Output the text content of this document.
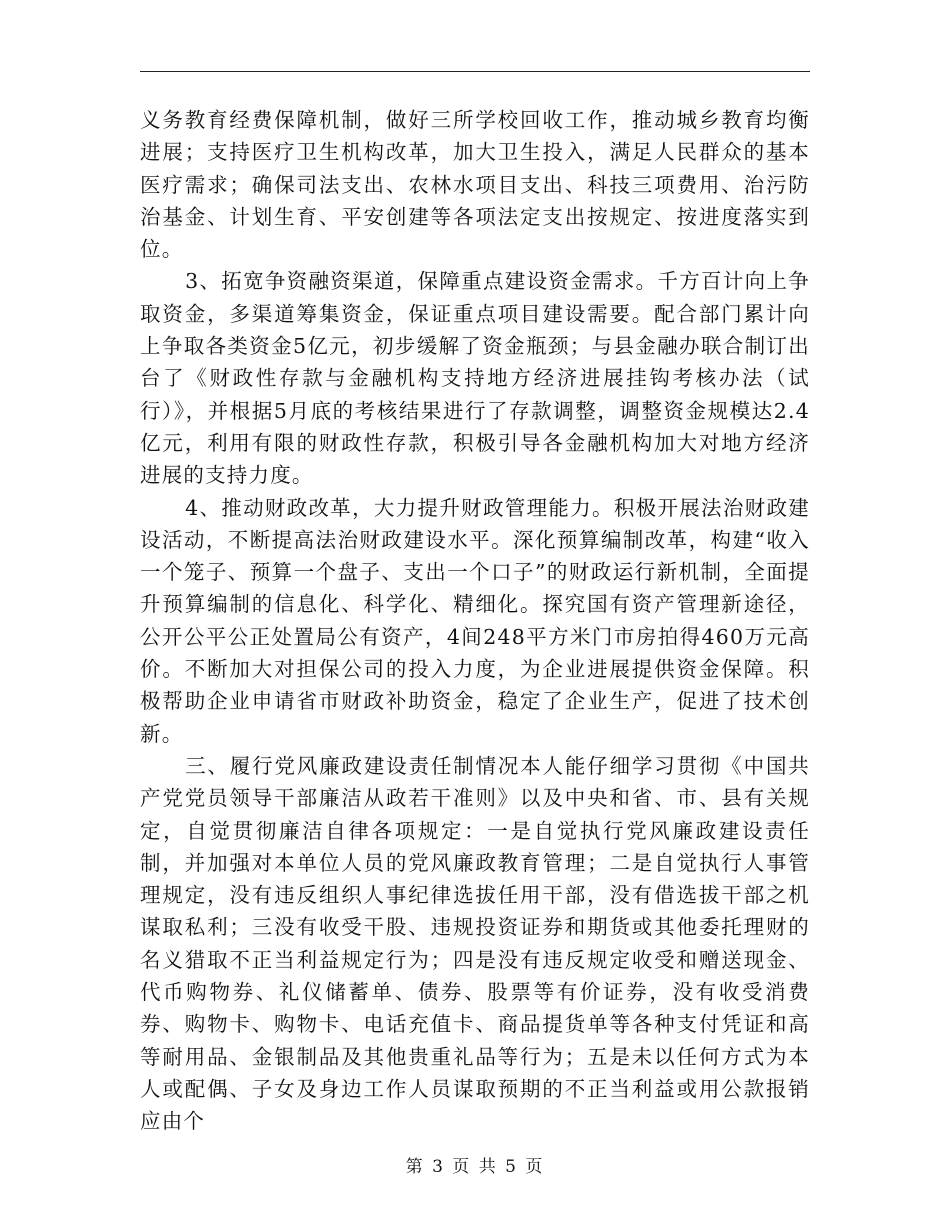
义务教育经费保障机制，做好三所学校回收工作，推动城乡教育均衡进展；支持医疗卫生机构改革，加大卫生投入，满足人民群众的基本医疗需求；确保司法支出、农林水项目支出、科技三项费用、治污防治基金、计划生育、平安创建等各项法定支出按规定、按进度落实到位。

3、拓宽争资融资渠道，保障重点建设资金需求。千方百计向上争取资金，多渠道筹集资金，保证重点项目建设需要。配合部门累计向上争取各类资金5亿元，初步缓解了资金瓶颈；与县金融办联合制订出台了《财政性存款与金融机构支持地方经济进展挂钩考核办法（试行）》，并根据5月底的考核结果进行了存款调整，调整资金规模达2.4亿元，利用有限的财政性存款，积极引导各金融机构加大对地方经济进展的支持力度。

4、推动财政改革，大力提升财政管理能力。积极开展法治财政建设活动，不断提高法治财政建设水平。深化预算编制改革，构建“收入一个笼子、预算一个盘子、支出一个口子”的财政运行新机制，全面提升预算编制的信息化、科学化、精细化。探究国有资产管理新途径，公开公平公正处置局公有资产，4间248平方米门市房拍得460万元高价。不断加大对担保公司的投入力度，为企业进展提供资金保障。积极帮助企业申请省市财政补助资金，稳定了企业生产，促进了技术创新。

三、履行党风廉政建设责任制情况本人能仔细学习贯彻《中国共产党党员领导干部廉洁从政若干准则》以及中央和省、市、县有关规定，自觉贯彻廉洁自律各项规定：一是自觉执行党风廉政建设责任制，并加强对本单位人员的党风廉政教育管理；二是自觉执行人事管理规定，没有违反组织人事纪律选拔任用干部，没有借选拔干部之机谋取私利；三没有收受干股、违规投资证券和期货或其他委托理财的名义猎取不正当利益规定行为；四是没有违反规定收受和赠送现金、代币购物券、礼仪储蓄单、债券、股票等有价证券，没有收受消费券、购物卡、购物卡、电话充值卡、商品提货单等各种支付凭证和高等耐用品、金银制品及其他贵重礼品等行为；五是未以任何方式为本人或配偶、子女及身边工作人员谋取预期的不正当利益或用公款报销应由个

第 3 页 共 5 页
